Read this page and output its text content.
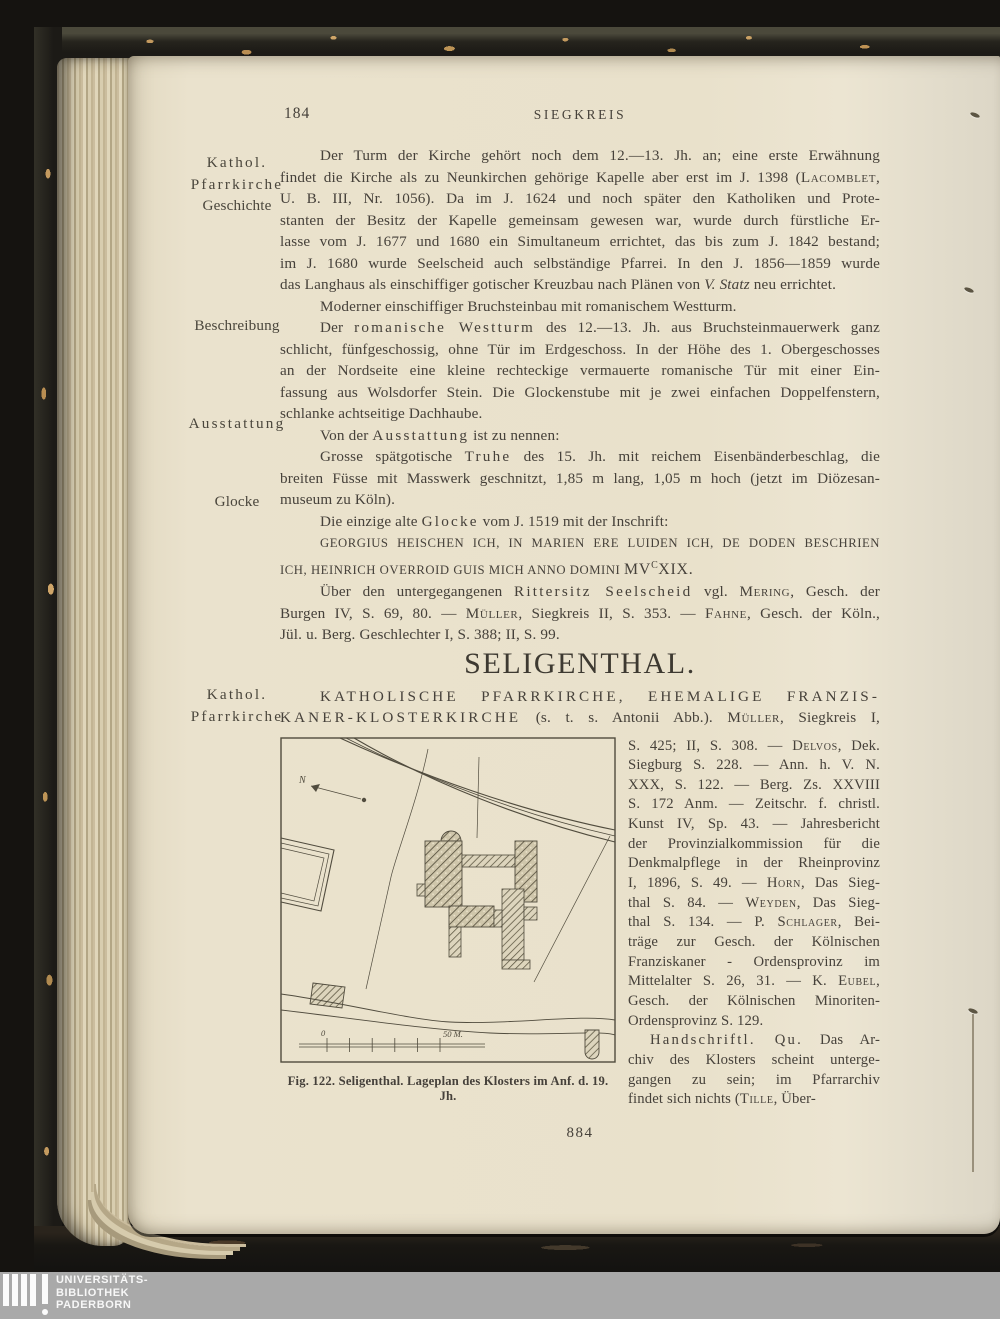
184	SIEGKREIS
Kathol.
Pfarrkirche
Geschichte
Beschreibung
Ausstattung
Glocke
Kathol.
Pfarrkirche
Der Turm der Kirche gehört noch dem 12.—13. Jh. an; eine erste Erwähnung
findet die Kirche als zu Neunkirchen gehörige Kapelle aber erst im J. 1398 (Lacomblet,
U. B. III, Nr. 1056). Da im J. 1624 und noch später den Katholiken und Prote-
stanten der Besitz der Kapelle gemeinsam gewesen war, wurde durch fürstliche Er-
lasse vom J. 1677 und 1680 ein Simultaneum errichtet, das bis zum J. 1842 bestand;
im J. 1680 wurde Seelscheid auch selbständige Pfarrei. In den J. 1856—1859 wurde
das Langhaus als einschiffiger gotischer Kreuzbau nach Plänen von V. Statz neu errichtet.
Moderner einschiffiger Bruchsteinbau mit romanischem Westturm.
Der romanische Westturm des 12.—13. Jh. aus Bruchsteinmauerwerk ganz
schlicht, fünfgeschossig, ohne Tür im Erdgeschoss. In der Höhe des 1. Obergeschosses
an der Nordseite eine kleine rechteckige vermauerte romanische Tür mit einer Ein-
fassung aus Wolsdorfer Stein. Die Glockenstube mit je zwei einfachen Doppelfenstern,
schlanke achtseitige Dachhaube.
Von der Ausstattung ist zu nennen:
Grosse spätgotische Truhe des 15. Jh. mit reichem Eisenbänderbeschlag, die
breiten Füsse mit Masswerk geschnitzt, 1,85 m lang, 1,05 m hoch (jetzt im Diözesan-
museum zu Köln).
Die einzige alte Glocke vom J. 1519 mit der Inschrift:
GEORGIUS HEISCHEN ICH, IN MARIEN ERE LUIDEN ICH, DE DODEN BESCHRIEN
ICH, HEINRICH OVERROID GUIS MICH ANNO DOMINI $MV^CXIX$.
Über den untergegangenen Rittersitz Seelscheid vgl. Mering, Gesch. der
Burgen IV, S. 69, 80. — Müller, Siegkreis II, S. 353. — Fahne, Gesch. der Köln.,
Jül. u. Berg. Geschlechter I, S. 388; II, S. 99.
SELIGENTHAL.
KATHOLISCHE PFARRKIRCHE, EHEMALIGE FRANZIS-
KANER-KLOSTERKIRCHE (s. t. s. Antonii Abb.). Müller, Siegkreis I,
N
0	50 M.
Fig. 122. Seligenthal. Lageplan des Klosters im Anf. d. 19. Jh.
S. 425; II, S. 308. — Delvos, Dek.
Siegburg S. 228. — Ann. h. V. N.
XXX, S. 122. — Berg. Zs. XXVIII
S. 172 Anm. — Zeitschr. f. christl.
Kunst IV, Sp. 43. — Jahresbericht
der Provinzialkommission für die
Denkmalpflege in der Rheinprovinz
I, 1896, S. 49. — Horn, Das Sieg-
thal S. 84. — Weyden, Das Sieg-
thal S. 134. — P. Schlager, Bei-
träge zur Gesch. der Kölnischen
Franziskaner - Ordensprovinz im
Mittelalter S. 26, 31. — K. Eubel,
Gesch. der Kölnischen Minoriten-
Ordensprovinz S. 129.
Handschriftl. Qu. Das Ar-
chiv des Klosters scheint unterge-
gangen zu sein; im Pfarrarchiv
findet sich nichts (Tille, Über-
884
UNIVERSITÄTS-
BIBLIOTHEK
PADERBORN
